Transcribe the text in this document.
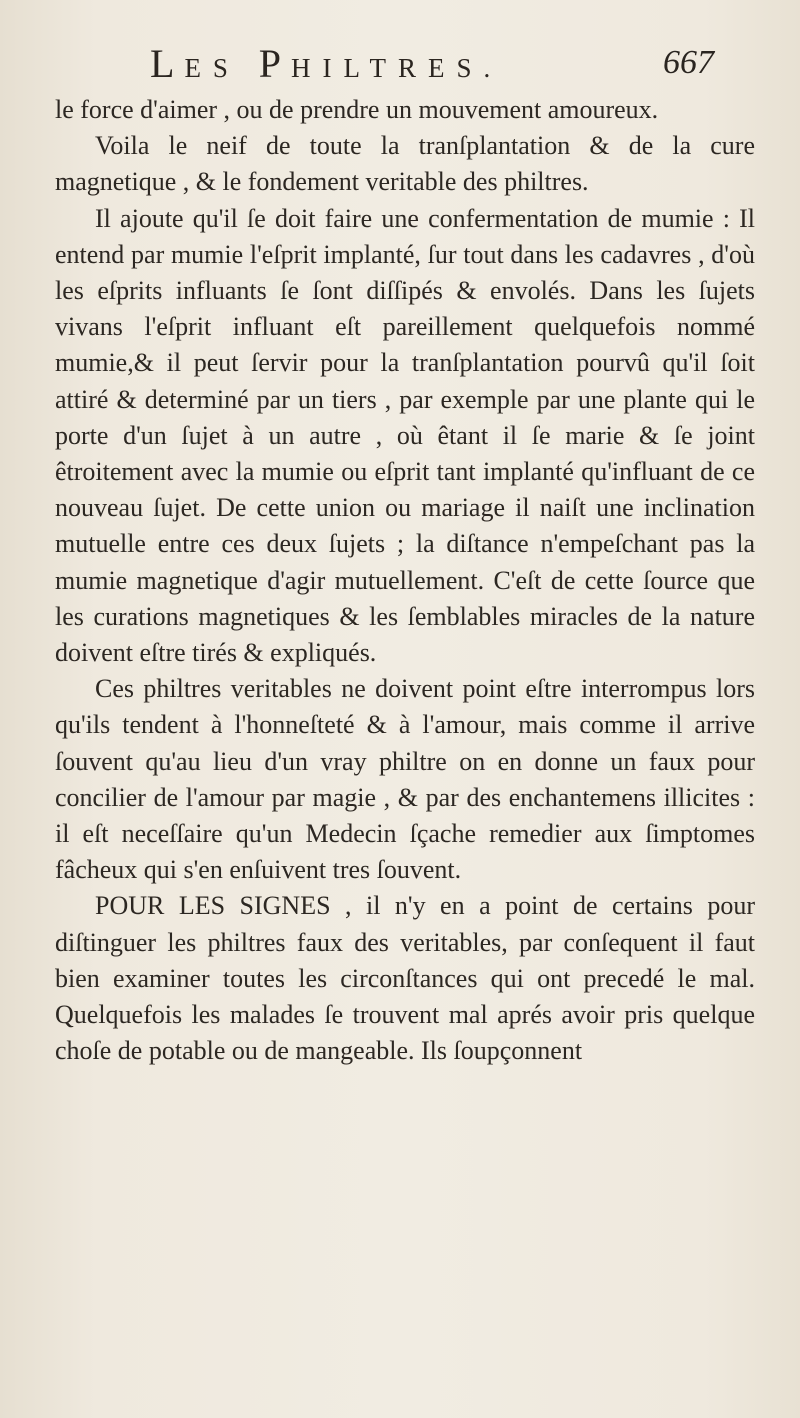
LES PHILTRES.	667

le force d'aimer , ou de prendre un mouvement amoureux.

Voila le neif de toute la tranſplantation & de la cure magnetique , & le fondement veritable des philtres.

Il ajoute qu'il ſe doit faire une confermentation de mumie : Il entend par mumie l'eſprit implanté, ſur tout dans les cadavres , d'où les eſprits influants ſe ſont diſſipés & envolés. Dans les ſujets vivans l'eſprit influant eſt pareillement quelquefois nommé mumie,& il peut ſervir pour la tranſplantation pourvû qu'il ſoit attiré & determiné par un tiers , par exemple par une plante qui le porte d'un ſujet à un autre , où êtant il ſe marie & ſe joint êtroitement avec la mumie ou eſprit tant implanté qu'influant de ce nouveau ſujet. De cette union ou mariage il naiſt une inclination mutuelle entre ces deux ſujets ; la diſtance n'empeſchant pas la mumie magnetique d'agir mutuellement. C'eſt de cette ſource que les curations magnetiques & les ſemblables miracles de la nature doivent eſtre tirés & expliqués.

Ces philtres veritables ne doivent point eſtre interrompus lors qu'ils tendent à l'honneſteté & à l'amour, mais comme il arrive ſouvent qu'au lieu d'un vray philtre on en donne un faux pour concilier de l'amour par magie , & par des enchantemens illicites : il eſt neceſſaire qu'un Medecin ſçache remedier aux ſimptomes fâcheux qui s'en enſuivent tres ſouvent.

POUR LES SIGNES , il n'y en a point de certains pour diſtinguer les philtres faux des veritables, par conſequent il faut bien examiner toutes les circonſtances qui ont precedé le mal. Quelquefois les malades ſe trouvent mal aprés avoir pris quelque choſe de potable ou de mangeable. Ils ſoupçonnent
